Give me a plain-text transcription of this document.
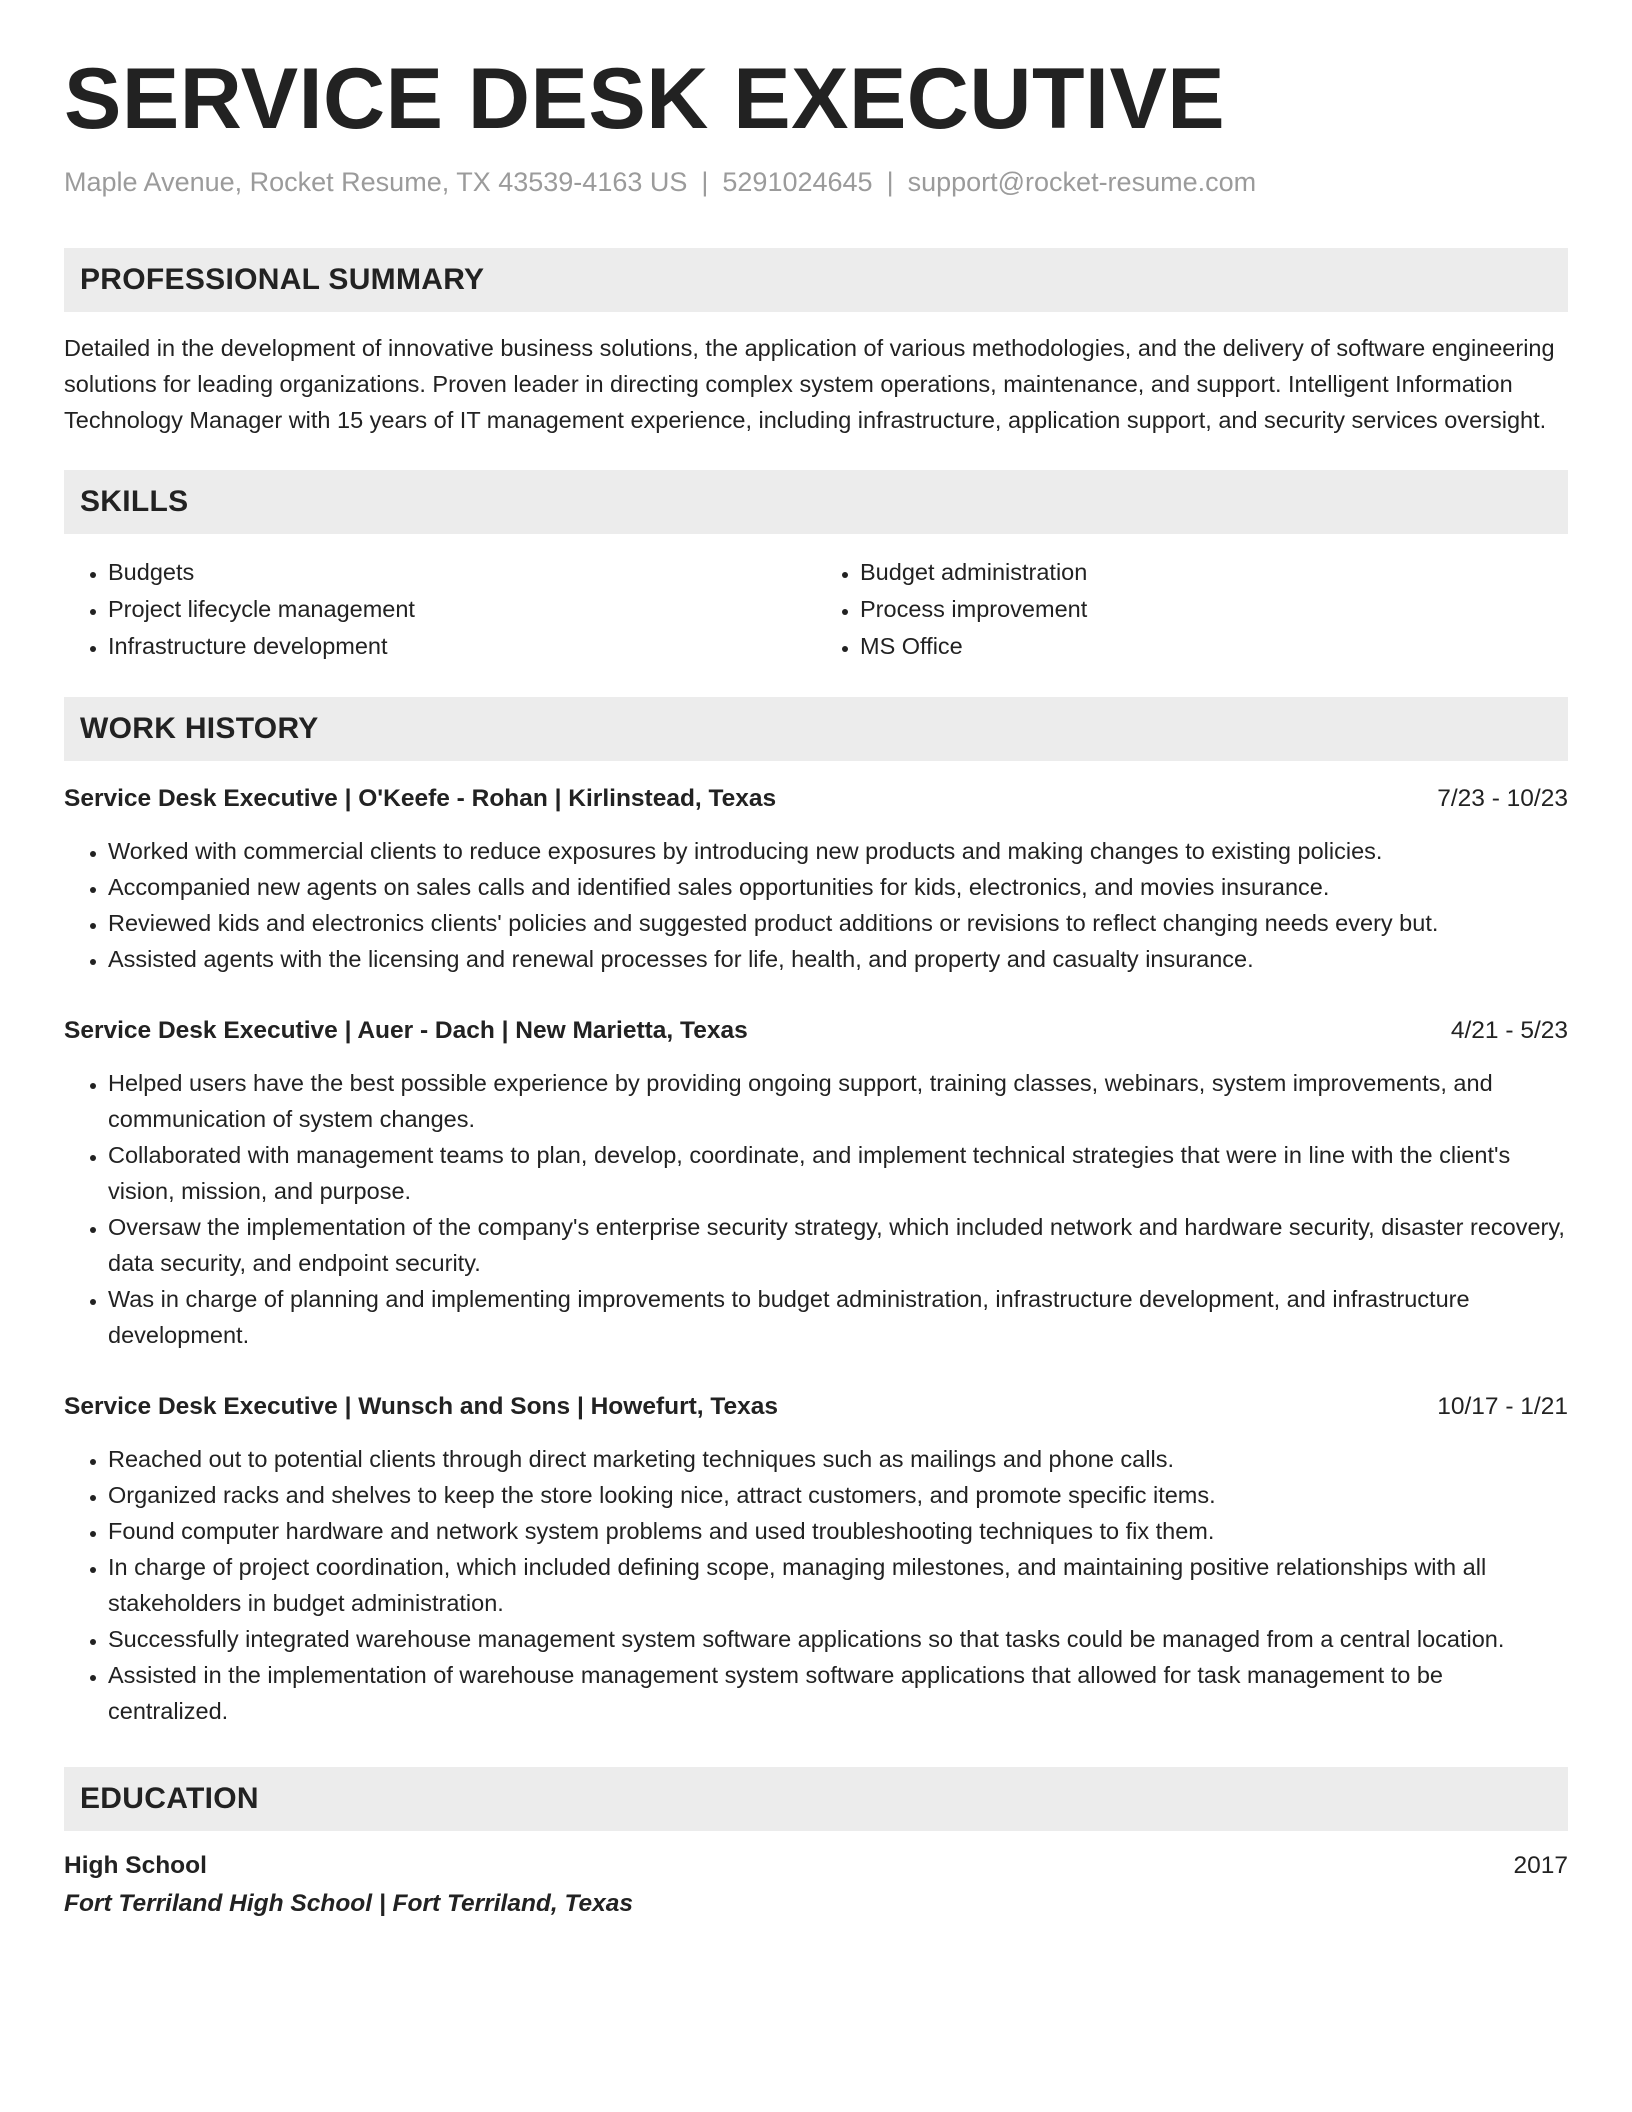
SERVICE DESK EXECUTIVE
Maple Avenue, Rocket Resume, TX 43539-4163 US | 5291024645 | support@rocket-resume.com
PROFESSIONAL SUMMARY
Detailed in the development of innovative business solutions, the application of various methodologies, and the delivery of software engineering solutions for leading organizations. Proven leader in directing complex system operations, maintenance, and support. Intelligent Information Technology Manager with 15 years of IT management experience, including infrastructure, application support, and security services oversight.
SKILLS
• Budgets
• Project lifecycle management
• Infrastructure development
• Budget administration
• Process improvement
• MS Office
WORK HISTORY
Service Desk Executive | O'Keefe - Rohan | Kirlinstead, Texas	7/23 - 10/23
• Worked with commercial clients to reduce exposures by introducing new products and making changes to existing policies.
• Accompanied new agents on sales calls and identified sales opportunities for kids, electronics, and movies insurance.
• Reviewed kids and electronics clients' policies and suggested product additions or revisions to reflect changing needs every but.
• Assisted agents with the licensing and renewal processes for life, health, and property and casualty insurance.
Service Desk Executive | Auer - Dach | New Marietta, Texas	4/21 - 5/23
• Helped users have the best possible experience by providing ongoing support, training classes, webinars, system improvements, and communication of system changes.
• Collaborated with management teams to plan, develop, coordinate, and implement technical strategies that were in line with the client's vision, mission, and purpose.
• Oversaw the implementation of the company's enterprise security strategy, which included network and hardware security, disaster recovery, data security, and endpoint security.
• Was in charge of planning and implementing improvements to budget administration, infrastructure development, and infrastructure development.
Service Desk Executive | Wunsch and Sons | Howefurt, Texas	10/17 - 1/21
• Reached out to potential clients through direct marketing techniques such as mailings and phone calls.
• Organized racks and shelves to keep the store looking nice, attract customers, and promote specific items.
• Found computer hardware and network system problems and used troubleshooting techniques to fix them.
• In charge of project coordination, which included defining scope, managing milestones, and maintaining positive relationships with all stakeholders in budget administration.
• Successfully integrated warehouse management system software applications so that tasks could be managed from a central location.
• Assisted in the implementation of warehouse management system software applications that allowed for task management to be centralized.
EDUCATION
High School	2017
Fort Terriland High School | Fort Terriland, Texas
